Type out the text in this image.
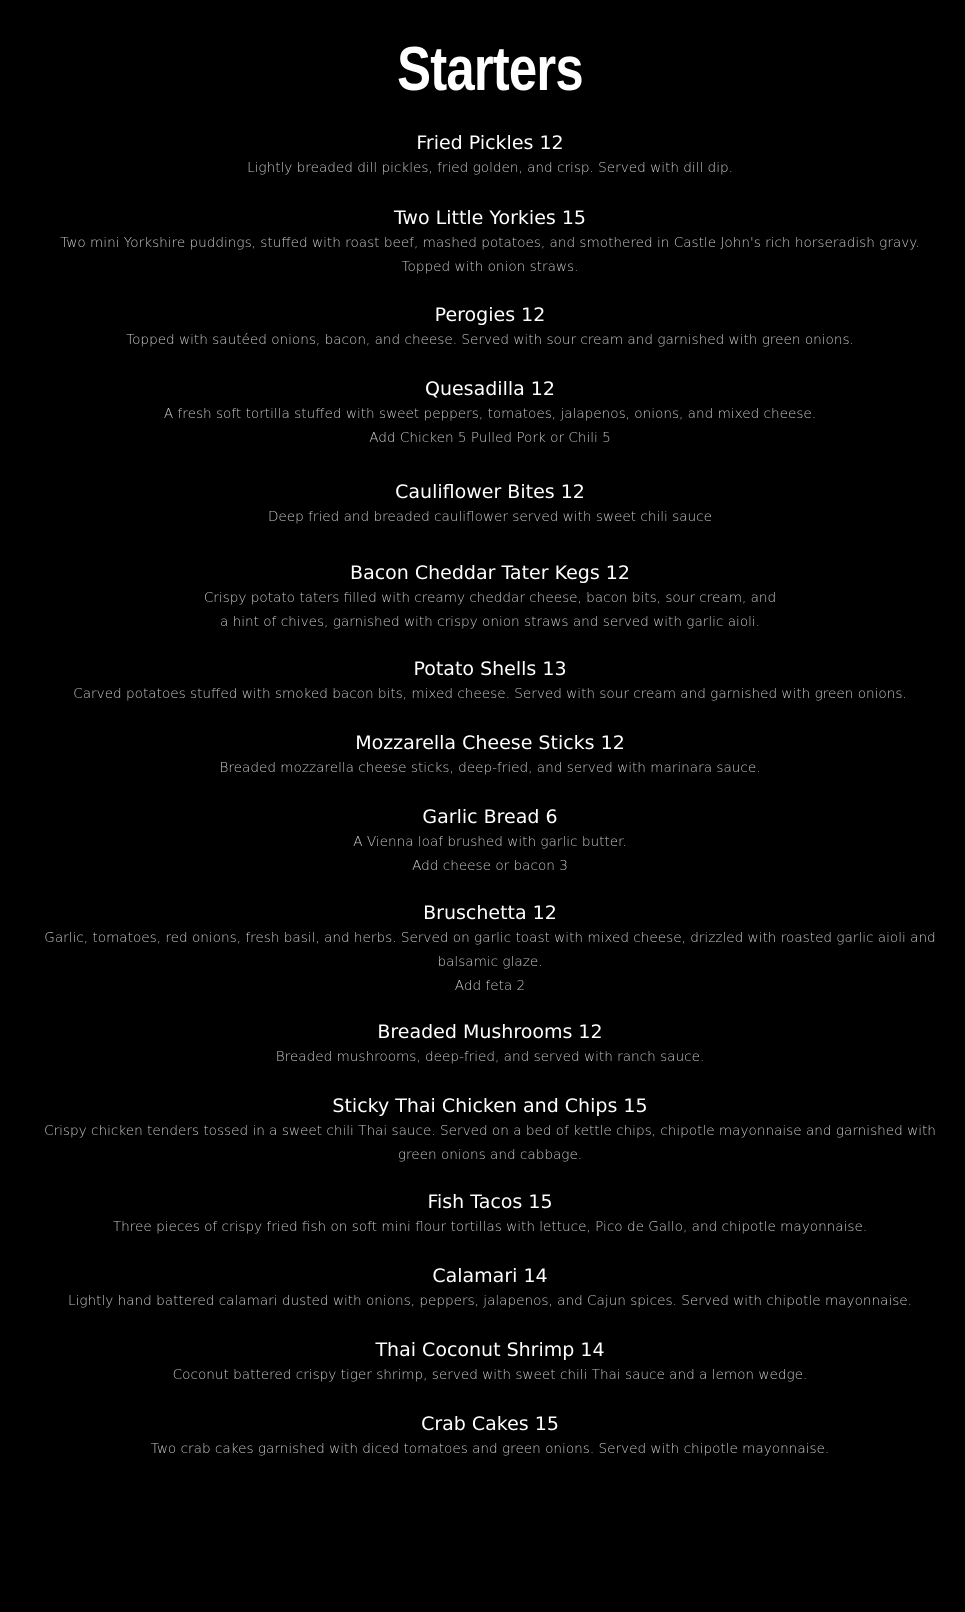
Starters
Fried Pickles 12
Lightly breaded dill pickles, fried golden, and crisp. Served with dill dip.
Two Little Yorkies 15
Two mini Yorkshire puddings, stuffed with roast beef, mashed potatoes, and smothered in Castle John's rich horseradish gravy.
Topped with onion straws.
Perogies 12
Topped with sautéed onions, bacon, and cheese. Served with sour cream and garnished with green onions.
Quesadilla 12
A fresh soft tortilla stuffed with sweet peppers, tomatoes, jalapenos, onions, and mixed cheese.
Add Chicken 5 Pulled Pork or Chili 5
Cauliflower Bites 12
Deep fried and breaded cauliflower served with sweet chili sauce
Bacon Cheddar Tater Kegs 12
Crispy potato taters filled with creamy cheddar cheese, bacon bits, sour cream, and
a hint of chives, garnished with crispy onion straws and served with garlic aioli.
Potato Shells 13
Carved potatoes stuffed with smoked bacon bits, mixed cheese. Served with sour cream and garnished with green onions.
Mozzarella Cheese Sticks 12
Breaded mozzarella cheese sticks, deep-fried, and served with marinara sauce.
Garlic Bread 6
A Vienna loaf brushed with garlic butter.
Add cheese or bacon 3
Bruschetta 12
Garlic, tomatoes, red onions, fresh basil, and herbs. Served on garlic toast with mixed cheese, drizzled with roasted garlic aioli and
balsamic glaze.
Add feta 2
Breaded Mushrooms 12
Breaded mushrooms, deep-fried, and served with ranch sauce.
Sticky Thai Chicken and Chips 15
Crispy chicken tenders tossed in a sweet chili Thai sauce. Served on a bed of kettle chips, chipotle mayonnaise and garnished with
green onions and cabbage.
Fish Tacos 15
Three pieces of crispy fried fish on soft mini flour tortillas with lettuce, Pico de Gallo, and chipotle mayonnaise.
Calamari 14
Lightly hand battered calamari dusted with onions, peppers, jalapenos, and Cajun spices. Served with chipotle mayonnaise.
Thai Coconut Shrimp 14
Coconut battered crispy tiger shrimp, served with sweet chili Thai sauce and a lemon wedge.
Crab Cakes 15
Two crab cakes garnished with diced tomatoes and green onions. Served with chipotle mayonnaise.
